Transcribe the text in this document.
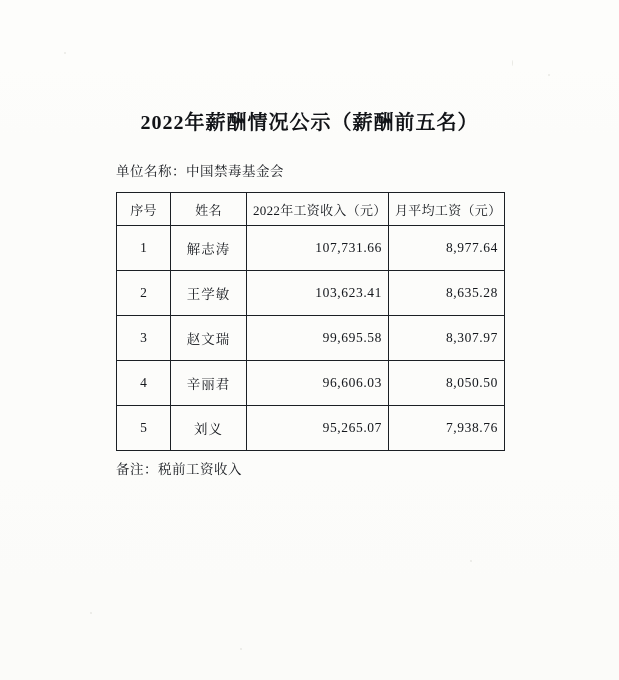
2022年薪酬情况公示（薪酬前五名）
单位名称：中国禁毒基金会
序号	姓名	2022年工资收入（元）	月平均工资（元）
1	解志涛	107,731.66	8,977.64
2	王学敏	103,623.41	8,635.28
3	赵文瑞	99,695.58	8,307.97
4	辛丽君	96,606.03	8,050.50
5	刘义	95,265.07	7,938.76
备注：税前工资收入
